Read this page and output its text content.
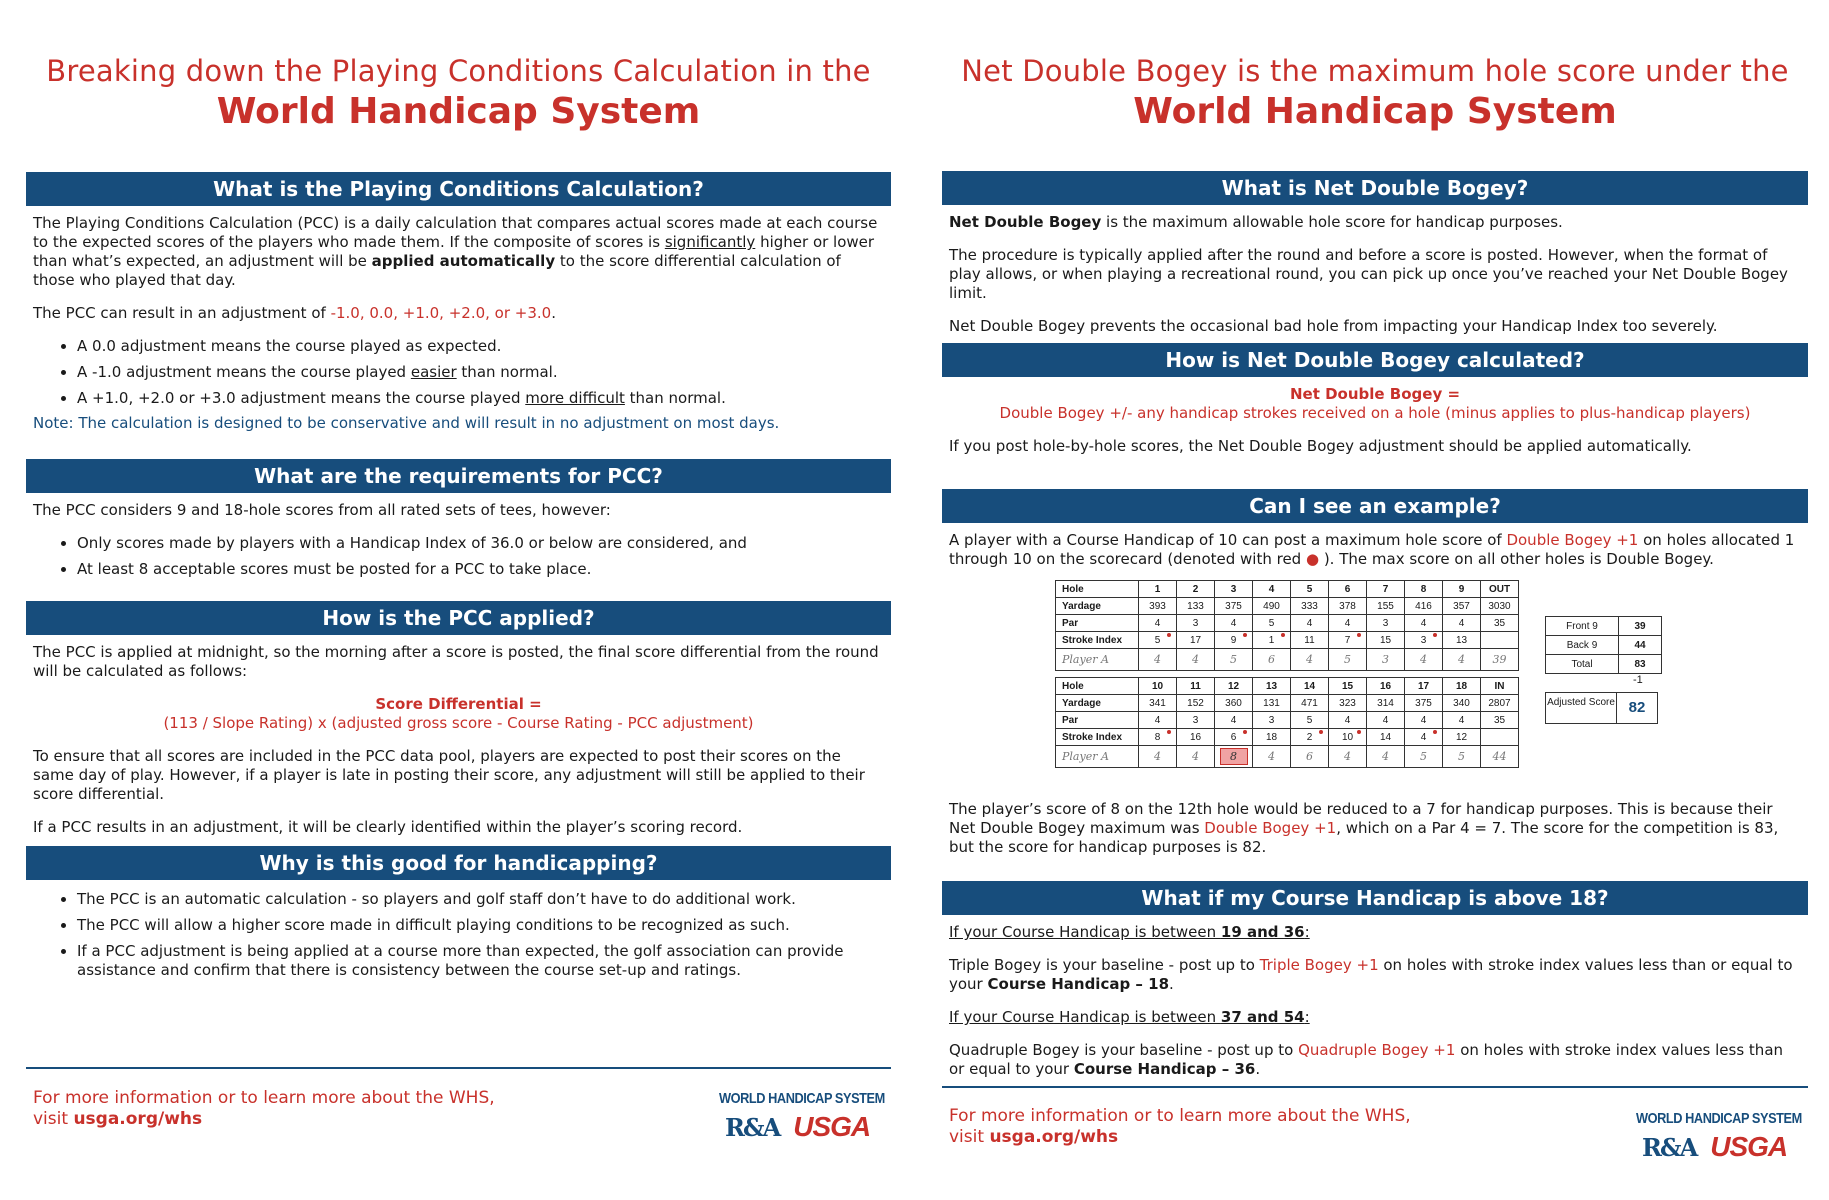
Breaking down the Playing Conditions Calculation in the
World Handicap System
What is the Playing Conditions Calculation?

The Playing Conditions Calculation (PCC) is a daily calculation that compares actual scores made at each course to the expected scores of the players who made them. If the composite of scores is significantly higher or lower than what’s expected, an adjustment will be applied automatically to the score differential calculation of those who played that day.

The PCC can result in an adjustment of -1.0, 0.0, +1.0, +2.0, or +3.0.

• A 0.0 adjustment means the course played as expected.
• A -1.0 adjustment means the course played easier than normal.
• A +1.0, +2.0 or +3.0 adjustment means the course played more difficult than normal.
Note: The calculation is designed to be conservative and will result in no adjustment on most days.
What are the requirements for PCC?

The PCC considers 9 and 18-hole scores from all rated sets of tees, however:

• Only scores made by players with a Handicap Index of 36.0 or below are considered, and
• At least 8 acceptable scores must be posted for a PCC to take place.
How is the PCC applied?

The PCC is applied at midnight, so the morning after a score is posted, the final score differential from the round will be calculated as follows:

Score Differential =
(113 / Slope Rating) x (adjusted gross score - Course Rating - PCC adjustment)

To ensure that all scores are included in the PCC data pool, players are expected to post their scores on the same day of play. However, if a player is late in posting their score, any adjustment will still be applied to their score differential.

If a PCC results in an adjustment, it will be clearly identified within the player’s scoring record.

Why is this good for handicapping?
• The PCC is an automatic calculation - so players and golf staff don’t have to do additional work.
• The PCC will allow a higher score made in difficult playing conditions to be recognized as such.
• If a PCC adjustment is being applied at a course more than expected, the golf association can provide assistance and confirm that there is consistency between the course set-up and ratings.
For more information or to learn more about the WHS,
visit usga.org/whs
WORLD HANDICAP SYSTEM
R&A USGA
Net Double Bogey is the maximum hole score under the
World Handicap System
What is Net Double Bogey?

Net Double Bogey is the maximum allowable hole score for handicap purposes.

The procedure is typically applied after the round and before a score is posted. However, when the format of play allows, or when playing a recreational round, you can pick up once you’ve reached your Net Double Bogey limit.

Net Double Bogey prevents the occasional bad hole from impacting your Handicap Index too severely.

How is Net Double Bogey calculated?
Net Double Bogey =
Double Bogey +/- any handicap strokes received on a hole (minus applies to plus-handicap players)

If you post hole-by-hole scores, the Net Double Bogey adjustment should be applied automatically.

Can I see an example?

A player with a Course Handicap of 10 can post a maximum hole score of Double Bogey +1 on holes allocated 1 through 10 on the scorecard (denoted with red ● ). The max score on all other holes is Double Bogey.

Hole	1	2	3	4	5	6	7	8	9	OUT
Yardage	393	133	375	490	333	378	155	416	357	3030
Par	4	3	4	5	4	4	3	4	4	35
Stroke Index	5	17	9	1	11	7	15	3	13	
Player A	4	4	5	6	4	5	3	4	4	39
Hole	10	11	12	13	14	15	16	17	18	IN
Yardage	341	152	360	131	471	323	314	375	340	2807
Par	4	3	4	3	5	4	4	4	4	35
Stroke Index	8	16	6	18	2	10	14	4	12	
Player A	4	4	8	4	6	4	4	5	5	44
Front 9	39
Back 9	44
Total	83
-1
Adjusted Score 82

The player’s score of 8 on the 12th hole would be reduced to a 7 for handicap purposes. This is because their Net Double Bogey maximum was Double Bogey +1, which on a Par 4 = 7. The score for the competition is 83, but the score for handicap purposes is 82.

What if my Course Handicap is above 18?

If your Course Handicap is between 19 and 36:

Triple Bogey is your baseline - post up to Triple Bogey +1 on holes with stroke index values less than or equal to your Course Handicap – 18.

If your Course Handicap is between 37 and 54:

Quadruple Bogey is your baseline - post up to Quadruple Bogey +1 on holes with stroke index values less than or equal to your Course Handicap – 36.

For more information or to learn more about the WHS,
visit usga.org/whs
WORLD HANDICAP SYSTEM
R&A USGA
